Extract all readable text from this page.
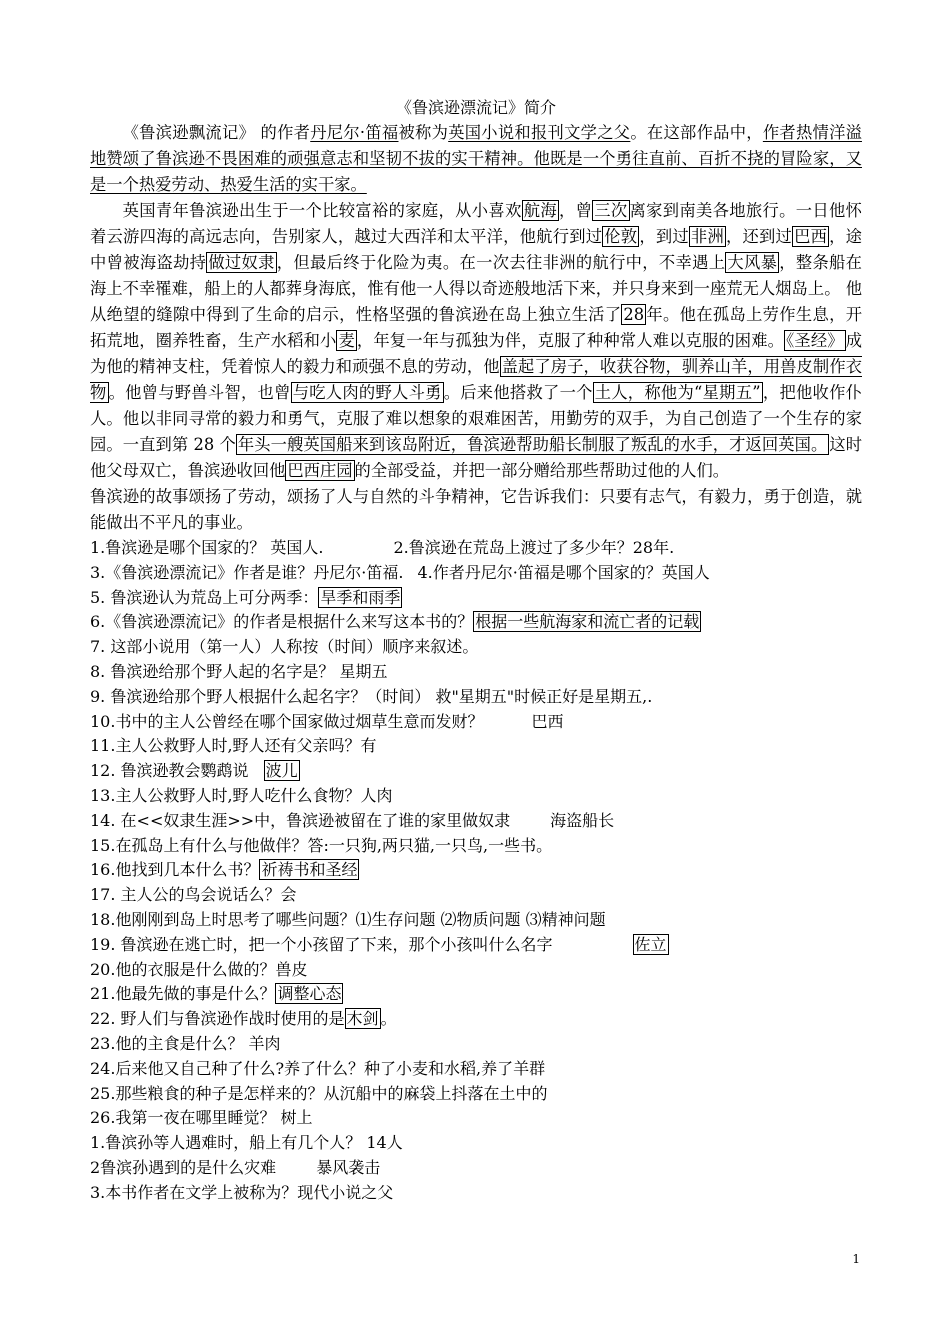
《鲁滨逊漂流记》简介

《鲁滨逊飘流记》 的作者丹尼尔·笛福被称为英国小说和报刊文学之父。在这部作品中，作者热情洋溢地赞颂了鲁滨逊不畏困难的顽强意志和坚韧不拔的实干精神。他既是一个勇往直前、百折不挠的冒险家，又是一个热爱劳动、热爱生活的实干家。

英国青年鲁滨逊出生于一个比较富裕的家庭，从小喜欢 航海 ，曾 三次 离家到南美各地旅行。一日他怀着云游四海的高远志向，告别家人，越过大西洋和太平洋，他航行到过 伦敦 ，到过 非洲 ，还到过 巴西 ，途中曾被海盗劫持 做过奴隶 ，但最后终于化险为夷。在一次去往非洲的航行中，不幸遇上 大风暴 ，整条船在海上不幸罹难，船上的人都葬身海底，惟有他一人得以奇迹般地活下来，并只身来到一座荒无人烟岛上。 他从绝望的缝隙中得到了生命的启示，性格坚强的鲁滨逊在岛上独立生活了 28 年。他在孤岛上劳作生息，开拓荒地，圈养牲畜，生产水稻和小 麦 ，年复一年与孤独为伴，克服了种种常人难以克服的困难。 《圣经》 成为他的精神支柱，凭着惊人的毅力和顽强不息的劳动，他 盖起了房子，收获谷物，驯养山羊，用兽皮制作衣物 。他曾与野兽斗智，也曾 与吃人肉的野人斗勇 。后来他搭救了一个 土人，称他为“星期五” ，把他收作仆人。他以非同寻常的毅力和勇气，克服了难以想象的艰难困苦，用勤劳的双手，为自己创造了一个生存的家园。一直到第 28 个 年头一艘英国船来到该岛附近，鲁滨逊帮助船长制服了叛乱的水手，才返回英国。 这时他父母双亡，鲁滨逊收回他 巴西庄园 的全部受益，并把一部分赠给那些帮助过他的人们。

鲁滨逊的故事颂扬了劳动，颂扬了人与自然的斗争精神，它告诉我们：只要有志气，有毅力，勇于创造，就能做出不平凡的事业。

1.鲁滨逊是哪个国家的？ 英国人.	2.鲁滨逊在荒岛上渡过了多少年？28年.

3.《鲁滨逊漂流记》作者是谁？丹尼尔·笛福. 4.作者丹尼尔·笛福是哪个国家的？英国人

5. 鲁滨逊认为荒岛上可分两季： 旱季和雨季

6.《鲁滨逊漂流记》的作者是根据什么来写这本书的？ 根据一些航海家和流亡者的记载

7. 这部小说用（第一人）人称按（时间）顺序来叙述。

8. 鲁滨逊给那个野人起的名字是？ 星期五

9. 鲁滨逊给那个野人根据什么起名字？（时间） 救"星期五"时候正好是星期五,.

10.书中的主人公曾经在哪个国家做过烟草生意而发财？	巴西

11.主人公救野人时,野人还有父亲吗？有

12. 鲁滨逊教会鹦鹉说 波儿

13.主人公救野人时,野人吃什么食物？人肉

14. 在<<奴隶生涯>>中，鲁滨逊被留在了谁的家里做奴隶	海盗船长

15.在孤岛上有什么与他做伴？答:一只狗,两只猫,一只鸟,一些书。

16.他找到几本什么书？ 祈祷书和圣经

17. 主人公的鸟会说话么？会

18.他刚刚到岛上时思考了哪些问题？⑴生存问题 ⑵物质问题 ⑶精神问题

19. 鲁滨逊在逃亡时，把一个小孩留了下来，那个小孩叫什么名字	佐立

20.他的衣服是什么做的？兽皮

21.他最先做的事是什么？ 调整心态

22. 野人们与鲁滨逊作战时使用的是 木剑 。

23.他的主食是什么？ 羊肉

24.后来他又自己种了什么?养了什么？种了小麦和水稻,养了羊群

25.那些粮食的种子是怎样来的？从沉船中的麻袋上抖落在土中的

26.我第一夜在哪里睡觉？ 树上

1.鲁滨孙等人遇难时，船上有几个人？ 14人

2鲁滨孙遇到的是什么灾难	暴风袭击

3.本书作者在文学上被称为？现代小说之父

1
